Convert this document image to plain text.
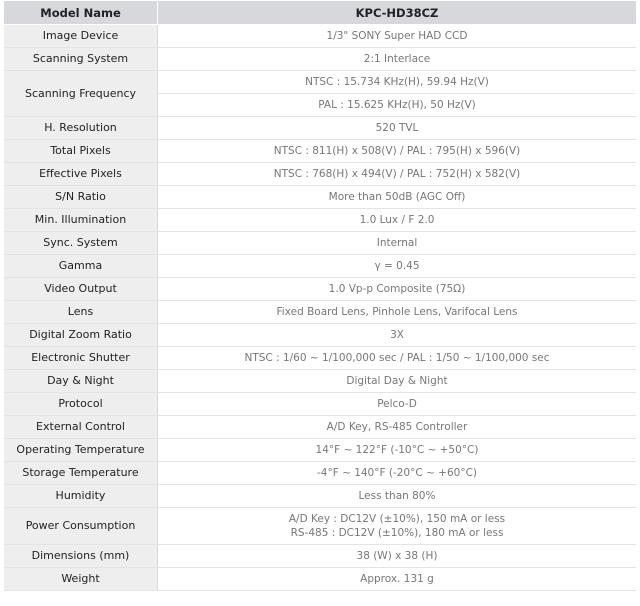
Model Name	KPC-HD38CZ
Image Device	1/3" SONY Super HAD CCD
Scanning System	2:1 Interlace
Scanning Frequency	NTSC : 15.734 KHz(H), 59.94 Hz(V)
	PAL : 15.625 KHz(H), 50 Hz(V)
H. Resolution	520 TVL
Total Pixels	NTSC : 811(H) x 508(V) / PAL : 795(H) x 596(V)
Effective Pixels	NTSC : 768(H) x 494(V) / PAL : 752(H) x 582(V)
S/N Ratio	More than 50dB (AGC Off)
Min. Illumination	1.0 Lux / F 2.0
Sync. System	Internal
Gamma	γ = 0.45
Video Output	1.0 Vp-p Composite (75Ω)
Lens	Fixed Board Lens, Pinhole Lens, Varifocal Lens
Digital Zoom Ratio	3X
Electronic Shutter	NTSC : 1/60 ~ 1/100,000 sec / PAL : 1/50 ~ 1/100,000 sec
Day & Night	Digital Day & Night
Protocol	Pelco-D
External Control	A/D Key, RS-485 Controller
Operating Temperature	14°F ~ 122°F (-10°C ~ +50°C)
Storage Temperature	-4°F ~ 140°F (-20°C ~ +60°C)
Humidity	Less than 80%
Power Consumption	A/D Key : DC12V (±10%), 150 mA or less
RS-485 : DC12V (±10%), 180 mA or less

Dimensions (mm)	38 (W) x 38 (H)
Weight	Approx. 131 g
